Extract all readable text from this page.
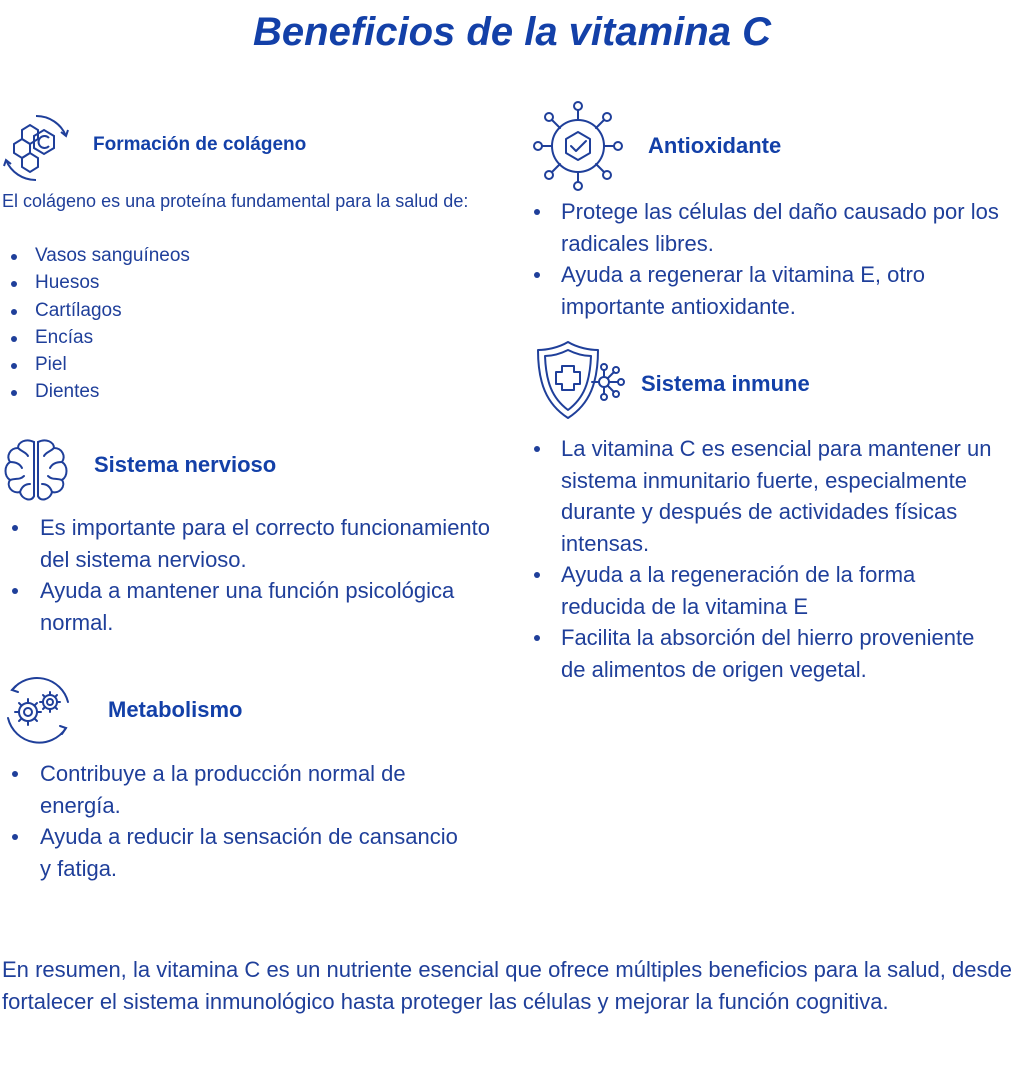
Beneficios de la vitamina C
Formación de colágeno
El colágeno es una proteína fundamental para la salud de:
Vasos sanguíneos
Huesos
Cartílagos
Encías
Piel
Dientes
Sistema nervioso
Es importante para el correcto funcionamiento del sistema nervioso.
Ayuda a mantener una función psicológica normal.
Metabolismo
Contribuye a la producción normal de energía.
Ayuda a reducir la sensación de cansancio y fatiga.
Antioxidante
Protege las células del daño causado por los radicales libres.
Ayuda a regenerar la vitamina E, otro importante antioxidante.
Sistema inmune
La vitamina C es esencial para mantener un sistema inmunitario fuerte, especialmente durante y después de actividades físicas intensas.
Ayuda a la regeneración de la forma reducida de la vitamina E
Facilita la absorción del hierro proveniente de alimentos de origen vegetal.

En resumen, la vitamina C es un nutriente esencial que ofrece múltiples beneficios para la salud, desde fortalecer el sistema inmunológico hasta proteger las células y mejorar la función cognitiva.
